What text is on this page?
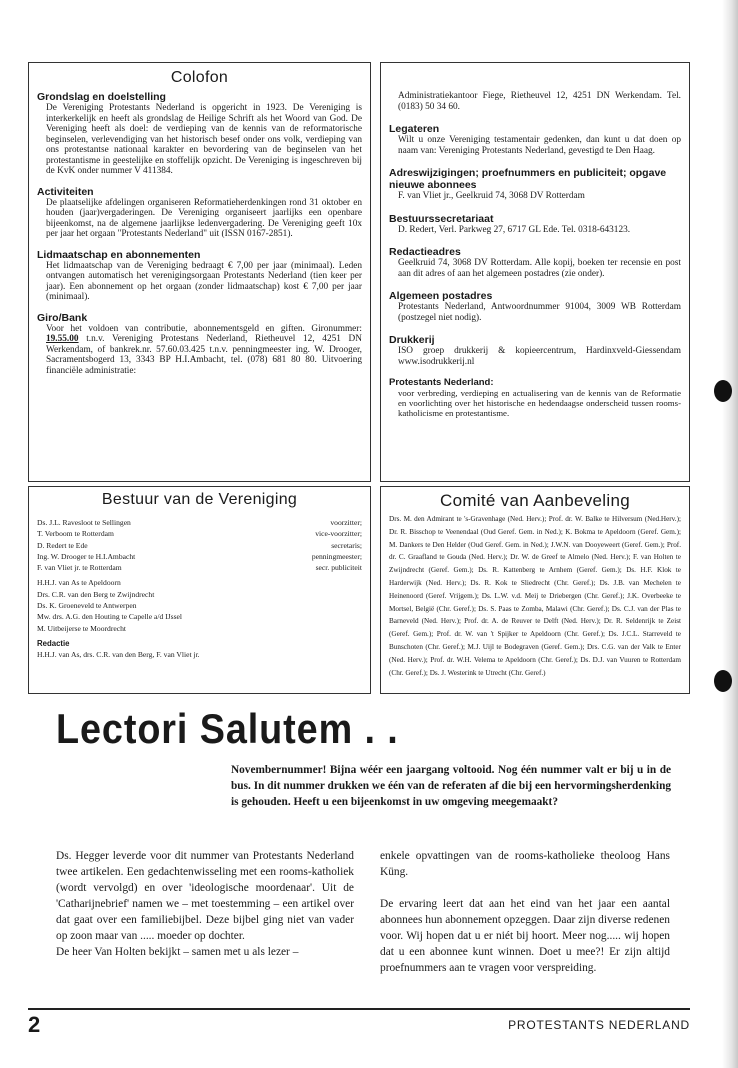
Colofon
Grondslag en doelstelling
De Vereniging Protestants Nederland is opgericht in 1923. De Vereniging is interkerkelijk en heeft als grondslag de Heilige Schrift als het Woord van God. De Vereniging heeft als doel: de verdieping van de kennis van de reformatorische beginselen, verlevendiging van het historisch besef onder ons volk, verdieping van ons protestantse nationaal karakter en bevordering van de beginselen van het protestantisme in geestelijke en stoffelijk opzicht. De Vereniging is ingeschreven bij de KvK onder nummer V 411384.
Activiteiten
De plaatselijke afdelingen organiseren Reformatieherdenkingen rond 31 oktober en houden (jaar)vergaderingen. De Vereniging organiseert jaarlijks een openbare bijeenkomst, na de algemene jaarlijkse ledenvergadering. De Vereniging geeft 10x per jaar het orgaan "Protestants Nederland" uit (ISSN 0167-2851).
Lidmaatschap en abonnementen
Het lidmaatschap van de Vereniging bedraagt € 7,00 per jaar (minimaal). Leden ontvangen automatisch het verenigingsorgaan Protestants Nederland (tien keer per jaar). Een abonnement op het orgaan (zonder lidmaatschap) kost € 7,00 per jaar (minimaal).
Giro/Bank
Voor het voldoen van contributie, abonnementsgeld en giften. Gironummer: 19.55.00 t.n.v. Vereniging Protestans Nederland, Rietheuvel 12, 4251 DN Werkendam, of bankrek.nr. 57.60.03.425 t.n.v. penningmeester ing. W. Drooger, Sacramentsbogerd 13, 3343 BP H.I.Ambacht, tel. (078) 681 80 80. Uitvoering financiële administratie:
Administratiekantoor Fiege, Rietheuvel 12, 4251 DN Werkendam. Tel. (0183) 50 34 60.
Legateren
Wilt u onze Vereniging testamentair gedenken, dan kunt u dat doen op naam van: Vereniging Protestants Nederland, gevestigd te Den Haag.
Adreswijzigingen; proefnummers en publiciteit; opgave nieuwe abonnees
F. van Vliet jr., Geelkruid 74, 3068 DV Rotterdam
Bestuurssecretariaat
D. Redert, Verl. Parkweg 27, 6717 GL Ede. Tel. 0318-643123.
Redactieadres
Geelkruid 74, 3068 DV Rotterdam. Alle kopij, boeken ter recensie en post aan dit adres of aan het algemeen postadres (zie onder).
Algemeen postadres
Protestants Nederland, Antwoordnummer 91004, 3009 WB Rotterdam (postzegel niet nodig).
Drukkerij
ISO groep drukkerij & kopieercentrum, Hardinxveld-Giessendam www.isodrukkerij.nl
Protestants Nederland:
voor verbreding, verdieping en actualisering van de kennis van de Reformatie en voorlichting over het historische en hedendaagse onderscheid tussen rooms-katholicisme en protestantisme.
Bestuur van de Vereniging
Ds. J.L. Ravesloot te Sellingen	voorzitter;
T. Verboom te Rotterdam	vice-voorzitter;
D. Redert te Ede	secretaris;
Ing. W. Drooger te H.I.Ambacht	penningmeester;
F. van Vliet jr. te Rotterdam	secr. publiciteit
H.H.J. van As te Apeldoorn
Drs. C.R. van den Berg te Zwijndrecht
Ds. K. Groeneveld te Antwerpen
Mw. drs. A.G. den Houting te Capelle a/d IJssel
M. Uitbeijerse te Moordrecht
Redactie
H.H.J. van As, drs. C.R. van den Berg, F. van Vliet jr.
Comité van Aanbeveling
Drs. M. den Admirant te 's-Gravenhage (Ned. Herv.); Prof. dr. W. Balke te Hilversum (Ned.Herv.); Dr. R. Bisschop te Veenendaal (Oud Geref. Gem. in Ned.); K. Bokma te Apeldoorn (Geref. Gem.); M. Dankers te Den Helder (Oud Geref. Gem. in Ned.); J.W.N. van Dooyeweert (Geref. Gem.); Prof. dr. C. Graafland te Gouda (Ned. Herv.); Dr. W. de Greef te Almelo (Ned. Herv.); F. van Holten te Zwijndrecht (Geref. Gem.); Ds. R. Kattenberg te Arnhem (Geref. Gem.); Ds. H.F. Klok te Harderwijk (Ned. Herv.); Ds. R. Kok te Sliedrecht (Chr. Geref.); Ds. J.B. van Mechelen te Heinenoord (Geref. Vrijgem.); Ds. L.W. v.d. Meij te Driebergen (Chr. Geref.); J.K. Overbeeke te Mortsel, België (Chr. Geref.); Ds. S. Paas te Zomba, Malawi (Chr. Geref.); Ds. C.J. van der Plas te Barneveld (Ned. Herv.); Prof. dr. A. de Reuver te Delft (Ned. Herv.); Dr. R. Seldenrijk te Zeist (Geref. Gem.); Prof. dr. W. van 't Spijker te Apeldoorn (Chr. Geref.); Ds. J.C.L. Starreveld te Bunschoten (Chr. Geref.); M.J. Uijl te Bodegraven (Geref. Gem.); Drs. C.G. van der Valk te Enter (Ned. Herv.); Prof. dr. W.H. Velema te Apeldoorn (Chr. Geref.); Ds. D.J. van Vuuren te Rotterdam (Chr. Geref.); Ds. J. Westerink te Utrecht (Chr. Geref.)
Lectori Salutem . .

Novembernummer! Bijna wéér een jaargang voltooid. Nog één nummer valt er bij u in de bus. In dit nummer drukken we één van de referaten af die bij een hervormingsherdenking is gehouden. Heeft u een bijeenkomst in uw omgeving meegemaakt?

Ds. Hegger leverde voor dit nummer van Protestants Nederland twee artikelen. Een gedachtenwisseling met een rooms-katholiek (wordt vervolgd) en over 'ideologische moordenaar'. Uit de 'Catharijnebrief' namen we – met toestemming – een artikel over dat gaat over een familiebijbel. Deze bijbel ging niet van vader op zoon maar van ..... moeder op dochter.

De heer Van Holten bekijkt – samen met u als lezer –

enkele opvattingen van de rooms-katholieke theoloog Hans Küng.

De ervaring leert dat aan het eind van het jaar een aantal abonnees hun abonnement opzeggen. Daar zijn diverse redenen voor. Wij hopen dat u er niét bij hoort. Meer nog..... wij hopen dat u een abonnee kunt winnen. Doet u mee?! Er zijn altijd proefnummers aan te vragen voor verspreiding.

2	PROTESTANTS NEDERLAND
